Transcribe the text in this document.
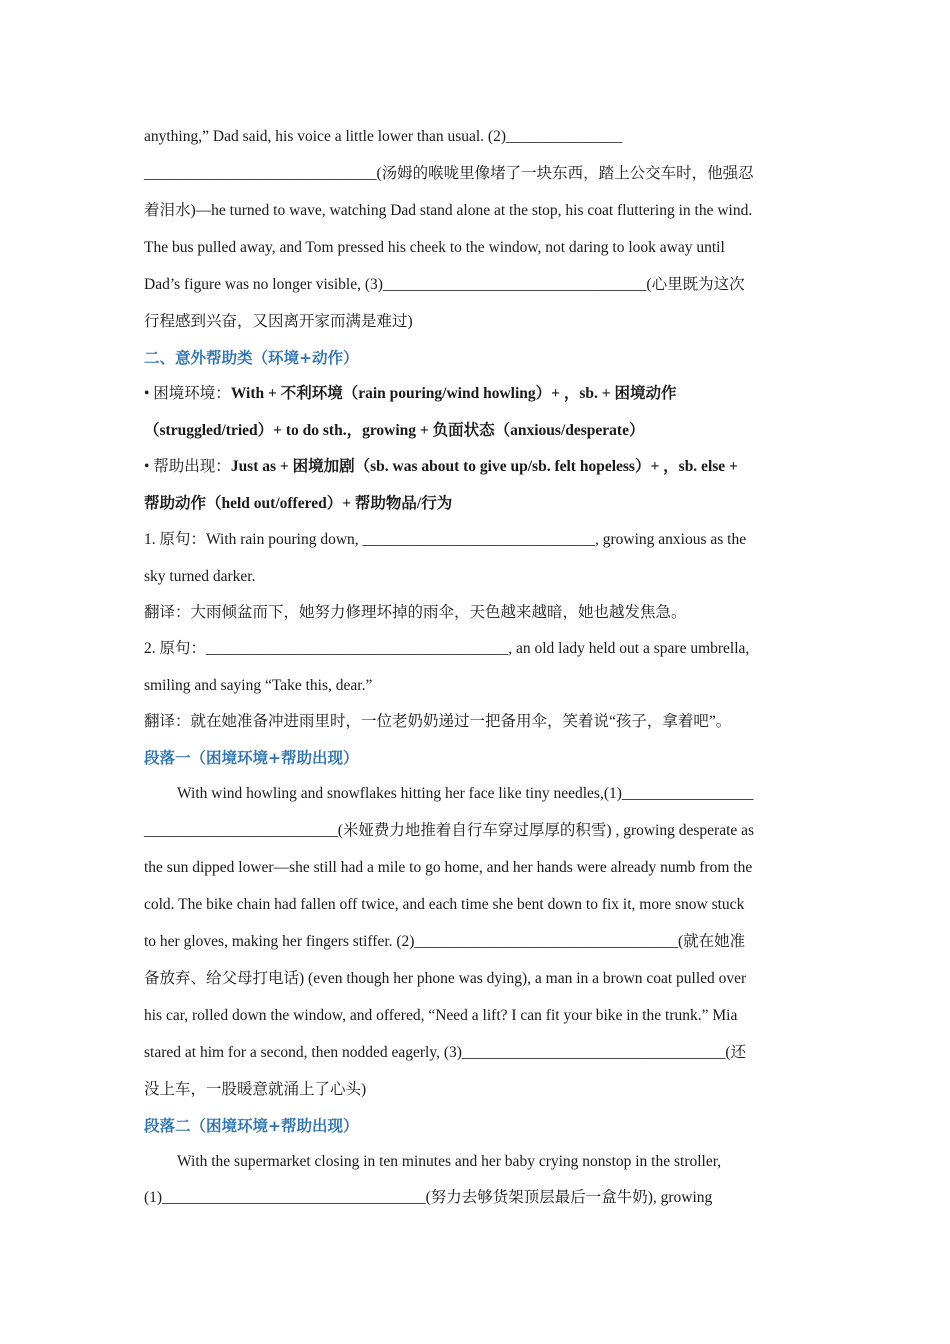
anything,” Dad said, his voice a little lower than usual. (2)_______________

______________________________(汤姆的喉咙里像堵了一块东西，踏上公交车时，他强忍

着泪水)—he turned to wave, watching Dad stand alone at the stop, his coat fluttering in the wind.

The bus pulled away, and Tom pressed his cheek to the window, not daring to look away until

Dad’s figure was no longer visible, (3)__________________________________(心里既为这次

行程感到兴奋，又因离开家而满是难过)

二、意外帮助类（环境+动作）

• 困境环境：With + 不利环境（rain pouring/wind howling）+ ，sb. + 困境动作

（struggled/tried）+ to do sth.，growing + 负面状态（anxious/desperate）

• 帮助出现：Just as + 困境加剧（sb. was about to give up/sb. felt hopeless）+ ，sb. else +

帮助动作（held out/offered）+ 帮助物品/行为

1. 原句：With rain pouring down, ______________________________, growing anxious as the

sky turned darker.

翻译：大雨倾盆而下，她努力修理坏掉的雨伞，天色越来越暗，她也越发焦急。

2. 原句：_______________________________________, an old lady held out a spare umbrella,

smiling and saying “Take this, dear.”

翻译：就在她准备冲进雨里时，一位老奶奶递过一把备用伞，笑着说“孩子，拿着吧”。

段落一（困境环境+帮助出现）

With wind howling and snowflakes hitting her face like tiny needles,(1)_________________

_________________________(米娅费力地推着自行车穿过厚厚的积雪) , growing desperate as

the sun dipped lower—she still had a mile to go home, and her hands were already numb from the

cold. The bike chain had fallen off twice, and each time she bent down to fix it, more snow stuck

to her gloves, making her fingers stiffer. (2)__________________________________(就在她准

备放弃、给父母打电话) (even though her phone was dying), a man in a brown coat pulled over

his car, rolled down the window, and offered, “Need a lift? I can fit your bike in the trunk.” Mia

stared at him for a second, then nodded eagerly, (3)__________________________________(还

没上车，一股暖意就涌上了心头)

段落二（困境环境+帮助出现）

With the supermarket closing in ten minutes and her baby crying nonstop in the stroller,

(1)__________________________________(努力去够货架顶层最后一盒牛奶), growing
